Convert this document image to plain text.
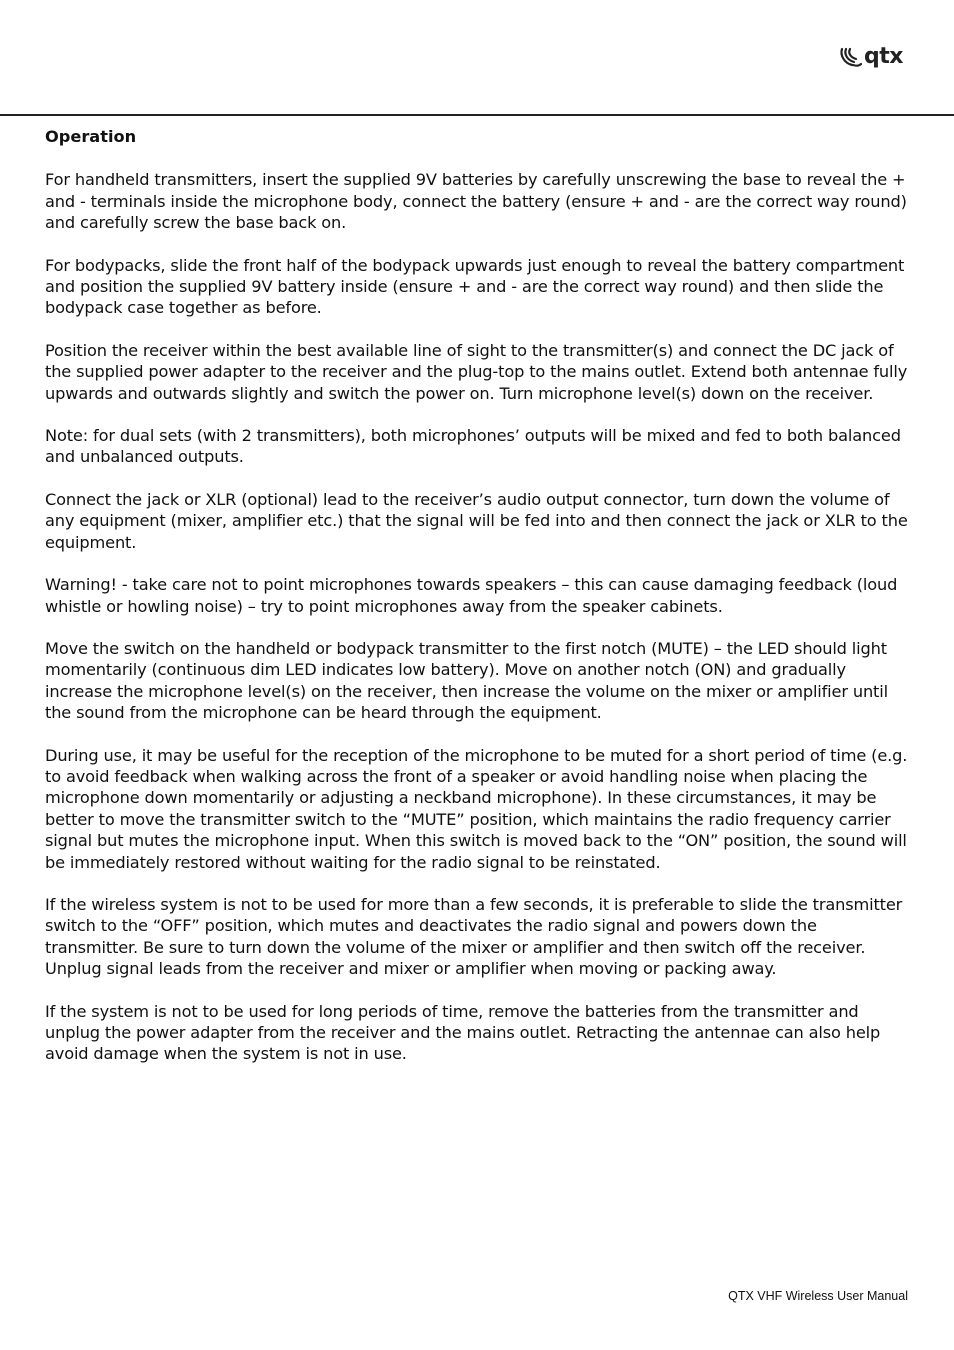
qtx
Operation

For handheld transmitters, insert the supplied 9V batteries by carefully unscrewing the base to reveal the + and - terminals inside the microphone body, connect the battery (ensure + and - are the correct way round) and carefully screw the base back on.

For bodypacks, slide the front half of the bodypack upwards just enough to reveal the battery compartment and position the supplied 9V battery inside (ensure + and - are the correct way round) and then slide the bodypack case together as before.

Position the receiver within the best available line of sight to the transmitter(s) and connect the DC jack of the supplied power adapter to the receiver and the plug-top to the mains outlet. Extend both antennae fully upwards and outwards slightly and switch the power on. Turn microphone level(s) down on the receiver.

Note: for dual sets (with 2 transmitters), both microphones’ outputs will be mixed and fed to both balanced and unbalanced outputs.

Connect the jack or XLR (optional) lead to the receiver’s audio output connector, turn down the volume of any equipment (mixer, amplifier etc.) that the signal will be fed into and then connect the jack or XLR to the equipment.

Warning! - take care not to point microphones towards speakers – this can cause damaging feedback (loud whistle or howling noise) – try to point microphones away from the speaker cabinets.

Move the switch on the handheld or bodypack transmitter to the first notch (MUTE) – the LED should light momentarily (continuous dim LED indicates low battery). Move on another notch (ON) and gradually increase the microphone level(s) on the receiver, then increase the volume on the mixer or amplifier until the sound from the microphone can be heard through the equipment.

During use, it may be useful for the reception of the microphone to be muted for a short period of time (e.g. to avoid feedback when walking across the front of a speaker or avoid handling noise when placing the microphone down momentarily or adjusting a neckband microphone). In these circumstances, it may be better to move the transmitter switch to the “MUTE” position, which maintains the radio frequency carrier signal but mutes the microphone input. When this switch is moved back to the “ON” position, the sound will be immediately restored without waiting for the radio signal to be reinstated.

If the wireless system is not to be used for more than a few seconds, it is preferable to slide the transmitter switch to the “OFF” position, which mutes and deactivates the radio signal and powers down the transmitter. Be sure to turn down the volume of the mixer or amplifier and then switch off the receiver. Unplug signal leads from the receiver and mixer or amplifier when moving or packing away.

If the system is not to be used for long periods of time, remove the batteries from the transmitter and unplug the power adapter from the receiver and the mains outlet. Retracting the antennae can also help avoid damage when the system is not in use.

QTX VHF Wireless User Manual
